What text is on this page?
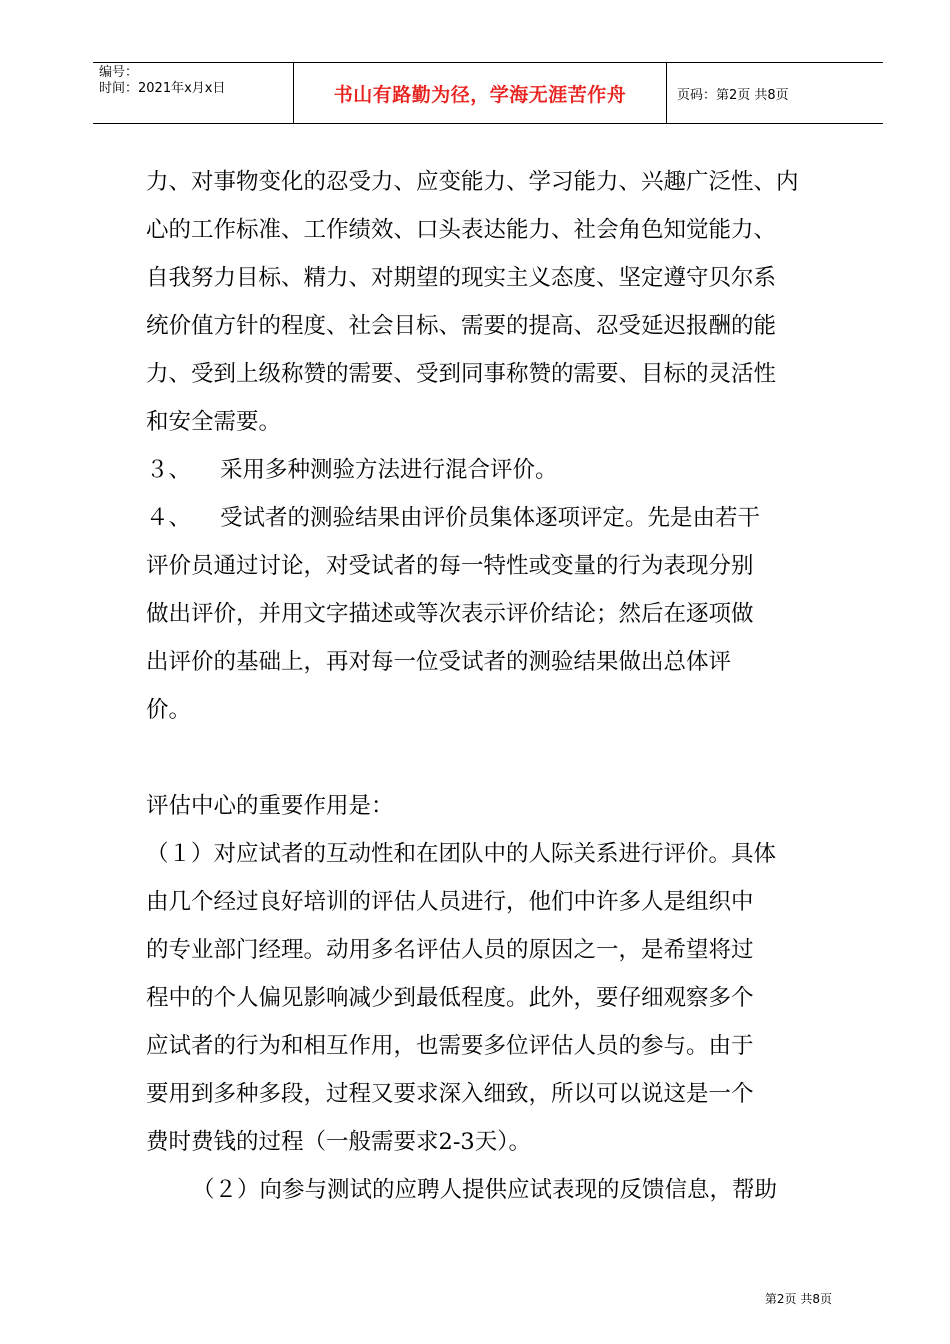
编号：
时间：2021年x月x日	书山有路勤为径，学海无涯苦作舟	页码：第2页 共8页

力、对事物变化的忍受力、应变能力、学习能力、兴趣广泛性、内

心的工作标准、工作绩效、口头表达能力、社会角色知觉能力、

自我努力目标、精力、对期望的现实主义态度、坚定遵守贝尔系

统价值方针的程度、社会目标、需要的提高、忍受延迟报酬的能

力、受到上级称赞的需要、受到同事称赞的需要、目标的灵活性

和安全需要。

３、 采用多种测验方法进行混合评价。

４、 受试者的测验结果由评价员集体逐项评定。先是由若干

评价员通过讨论，对受试者的每一特性或变量的行为表现分别

做出评价，并用文字描述或等次表示评价结论；然后在逐项做

出评价的基础上，再对每一位受试者的测验结果做出总体评

价。

评估中心的重要作用是：

（１）对应试者的互动性和在团队中的人际关系进行评价。具体

由几个经过良好培训的评估人员进行，他们中许多人是组织中

的专业部门经理。动用多名评估人员的原因之一，是希望将过

程中的个人偏见影响减少到最低程度。此外，要仔细观察多个

应试者的行为和相互作用，也需要多位评估人员的参与。由于

要用到多种多段，过程又要求深入细致，所以可以说这是一个

费时费钱的过程（一般需要求2-3天）。

（２）向参与测试的应聘人提供应试表现的反馈信息，帮助

第2页 共8页
